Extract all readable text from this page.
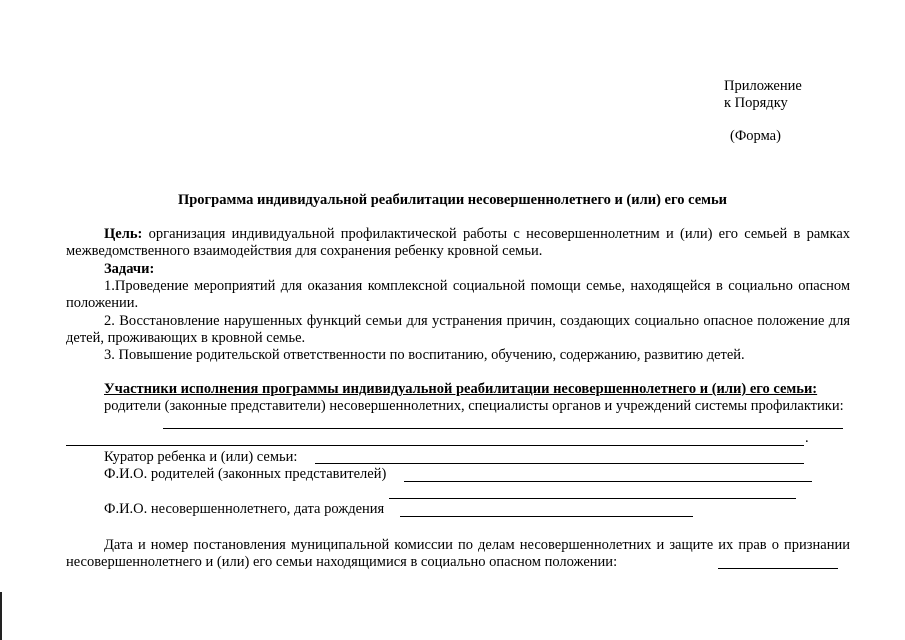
Приложение
к Порядку
(Форма)
Программа индивидуальной реабилитации несовершеннолетнего и (или) его семьи
Цель: организация индивидуальной профилактической работы с несовершеннолетним и (или) его семьей в рамках межведомственного взаимодействия для сохранения ребенку кровной семьи.
Задачи:
1.Проведение мероприятий для оказания комплексной социальной помощи семье, находящейся в социально опасном положении.
2. Восстановление нарушенных функций семьи для устранения причин, создающих социально опасное положение для детей, проживающих в кровной семье.
3. Повышение родительской ответственности по воспитанию, обучению, содержанию, развитию детей.
Участники исполнения программы индивидуальной реабилитации несовершеннолетнего и (или) его семьи:
родители (законные представители) несовершеннолетних, специалисты органов и учреждений системы профилактики:
.
Куратор ребенка и (или) семьи:
Ф.И.О. родителей (законных представителей)
Ф.И.О. несовершеннолетнего, дата рождения
Дата и номер постановления муниципальной комиссии по делам несовершеннолетних и защите их прав о признании несовершеннолетнего и (или) его семьи находящимися в социально опасном положении:
